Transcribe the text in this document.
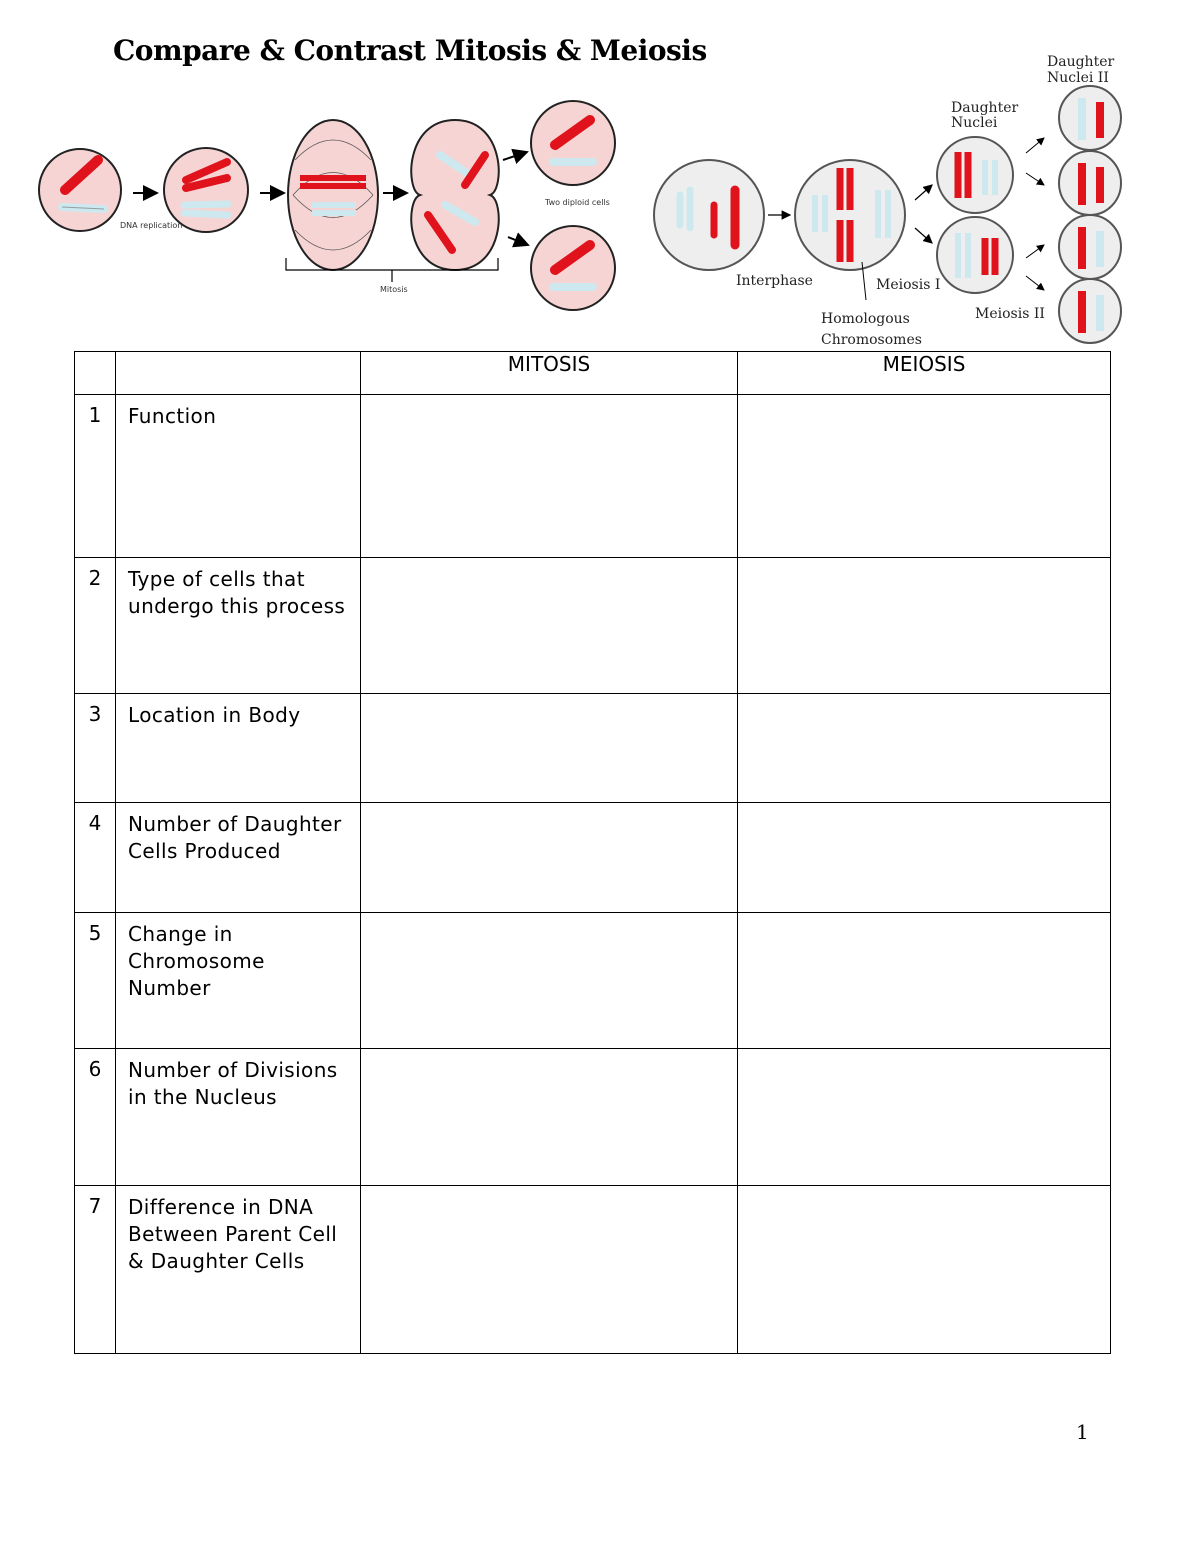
Compare & Contrast Mitosis & Meiosis
DNA replication
Mitosis
Two diploid cells
Interphase	Meiosis I
Meiosis II
Homologous
Chromosomes
Daughter
Nuclei
Daughter
Nuclei II
		MITOSIS	MEIOSIS
1	Function		
2	Type of cells that undergo this process		
3	Location in Body		
4	Number of Daughter Cells Produced		
5	Change in Chromosome Number		
6	Number of Divisions in the Nucleus		
7	Difference in DNA Between Parent Cell & Daughter Cells		
1
